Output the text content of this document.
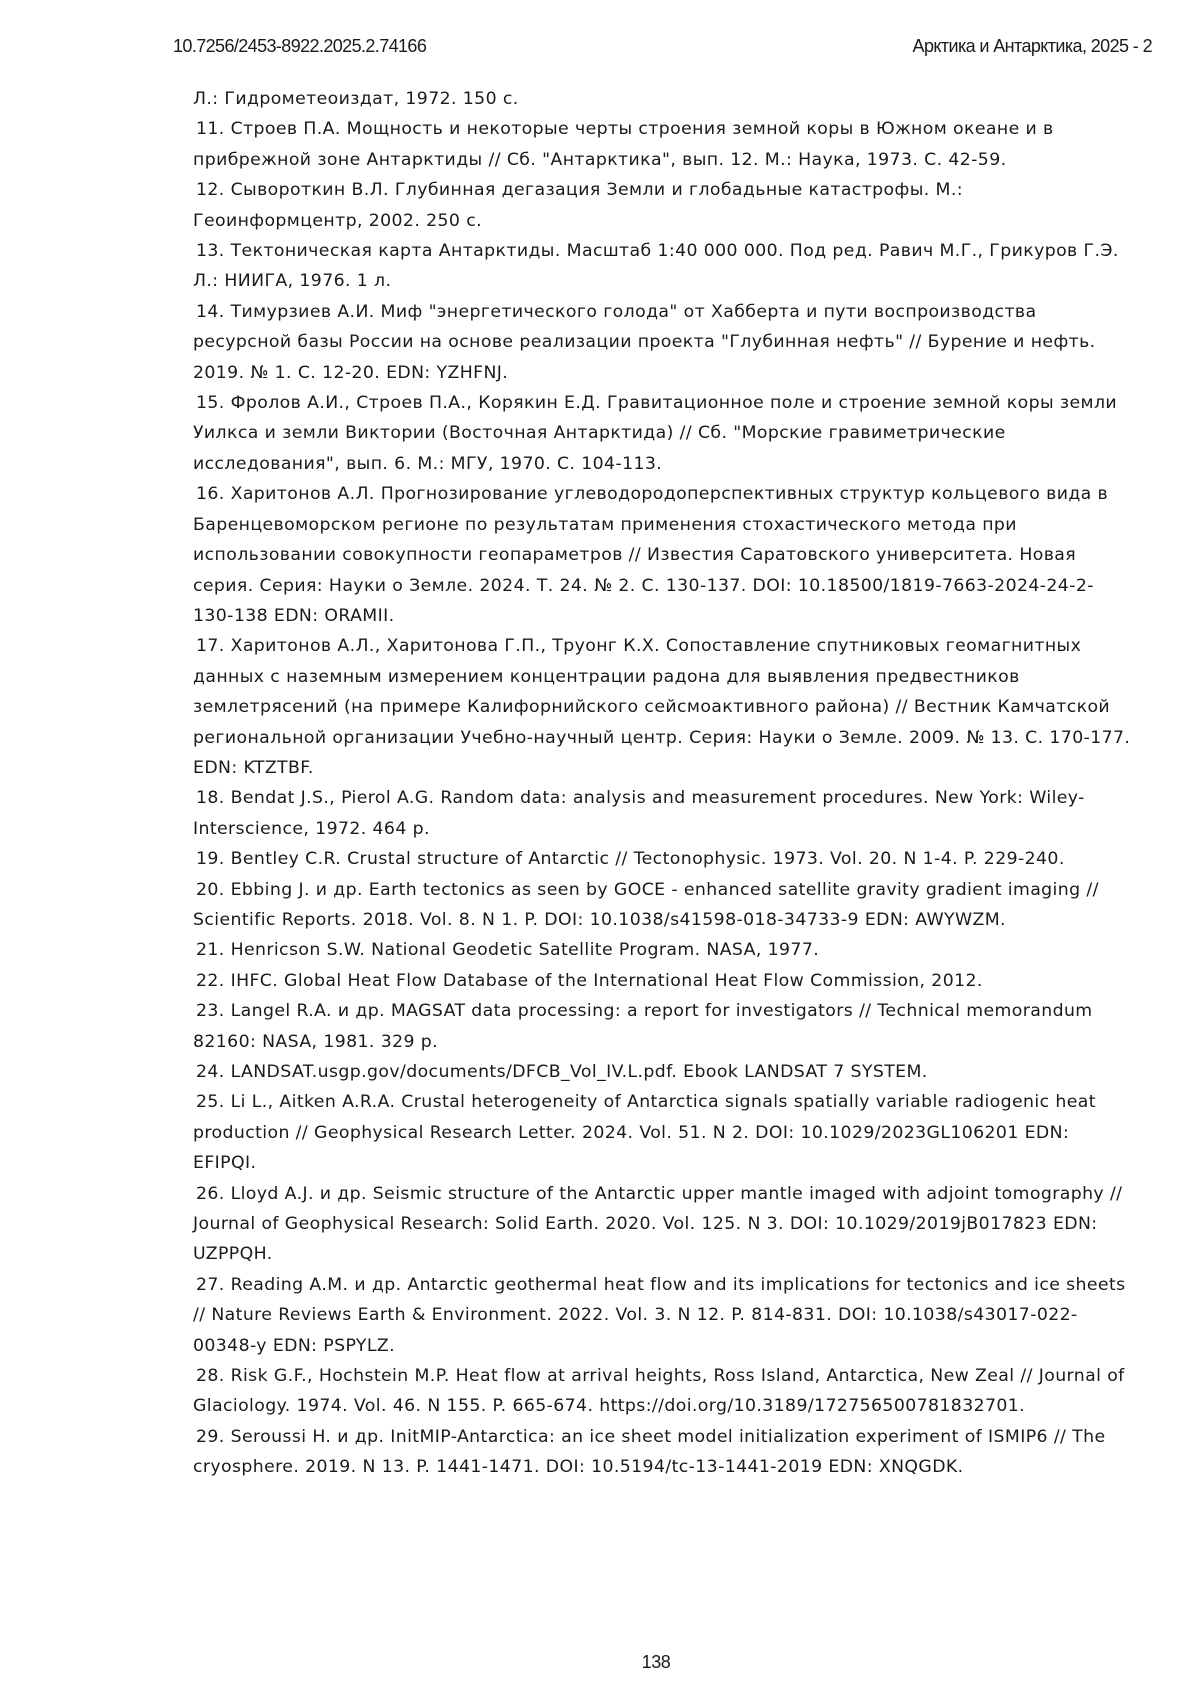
10.7256/2453-8922.2025.2.74166	Арктика и Антарктика, 2025 - 2

Л.: Гидрометеоиздат, 1972. 150 с.

11. Строев П.А. Мощность и некоторые черты строения земной коры в Южном океане и в прибрежной зоне Антарктиды // Сб. "Антарктика", вып. 12. М.: Наука, 1973. С. 42-59.

12. Сывороткин В.Л. Глубинная дегазация Земли и глобадьные катастрофы. М.: Геоинформцентр, 2002. 250 с.

13. Тектоническая карта Антарктиды. Масштаб 1:40 000 000. Под ред. Равич М.Г., Грикуров Г.Э. Л.: НИИГА, 1976. 1 л.

14. Тимурзиев А.И. Миф "энергетического голода" от Хабберта и пути воспроизводства ресурсной базы России на основе реализации проекта "Глубинная нефть" // Бурение и нефть. 2019. № 1. С. 12-20. EDN: YZHFNJ.

15. Фролов А.И., Строев П.А., Корякин Е.Д. Гравитационное поле и строение земной коры земли Уилкса и земли Виктории (Восточная Антарктида) // Сб. "Морские гравиметрические исследования", вып. 6. М.: МГУ, 1970. С. 104-113.

16. Харитонов А.Л. Прогнозирование углеводородоперспективных структур кольцевого вида в Баренцевоморском регионе по результатам применения стохастического метода при использовании совокупности геопараметров // Известия Саратовского университета. Новая серия. Серия: Науки о Земле. 2024. Т. 24. № 2. С. 130-137. DOI: 10.18500/1819-7663-2024-24-2-130-138 EDN: ORAMII.

17. Харитонов А.Л., Харитонова Г.П., Труонг К.Х. Сопоставление спутниковых геомагнитных данных с наземным измерением концентрации радона для выявления предвестников землетрясений (на примере Калифорнийского сейсмоактивного района) // Вестник Камчатской региональной организации Учебно-научный центр. Серия: Науки о Земле. 2009. № 13. С. 170-177. EDN: KTZTBF.

18. Bendat J.S., Pierol A.G. Random data: analysis and measurement procedures. New York: Wiley-Interscience, 1972. 464 p.

19. Bentley C.R. Crustal structure of Antarctic // Tectonophysic. 1973. Vol. 20. N 1-4. P. 229-240.

20. Ebbing J. и др. Earth tectonics as seen by GOCE - enhanced satellite gravity gradient imaging // Scientific Reports. 2018. Vol. 8. N 1. P. DOI: 10.1038/s41598-018-34733-9 EDN: AWYWZM.

21. Henricson S.W. National Geodetic Satellite Program. NASA, 1977.

22. IHFC. Global Heat Flow Database of the International Heat Flow Commission, 2012.

23. Langel R.A. и др. MAGSAT data processing: a report for investigators // Technical memorandum 82160: NASA, 1981. 329 p.

24. LANDSAT.usgp.gov/documents/DFCB_Vol_IV.L.pdf. Ebook LANDSAT 7 SYSTEM.

25. Li L., Aitken A.R.A. Crustal heterogeneity of Antarctica signals spatially variable radiogenic heat production // Geophysical Research Letter. 2024. Vol. 51. N 2. DOI: 10.1029/2023GL106201 EDN: EFIPQI.

26. Lloyd A.J. и др. Seismic structure of the Antarctic upper mantle imaged with adjoint tomography // Journal of Geophysical Research: Solid Earth. 2020. Vol. 125. N 3. DOI: 10.1029/2019jB017823 EDN: UZPPQH.

27. Reading A.M. и др. Antarctic geothermal heat flow and its implications for tectonics and ice sheets // Nature Reviews Earth & Environment. 2022. Vol. 3. N 12. P. 814-831. DOI: 10.1038/s43017-022-00348-y EDN: PSPYLZ.

28. Risk G.F., Hochstein M.P. Heat flow at arrival heights, Ross Island, Antarctica, New Zeal // Journal of Glaciology. 1974. Vol. 46. N 155. P. 665-674. https://doi.org/10.3189/172756500781832701.

29. Seroussi H. и др. InitMIP-Antarctica: an ice sheet model initialization experiment of ISMIP6 // The cryosphere. 2019. N 13. P. 1441-1471. DOI: 10.5194/tc-13-1441-2019 EDN: XNQGDK.

138
